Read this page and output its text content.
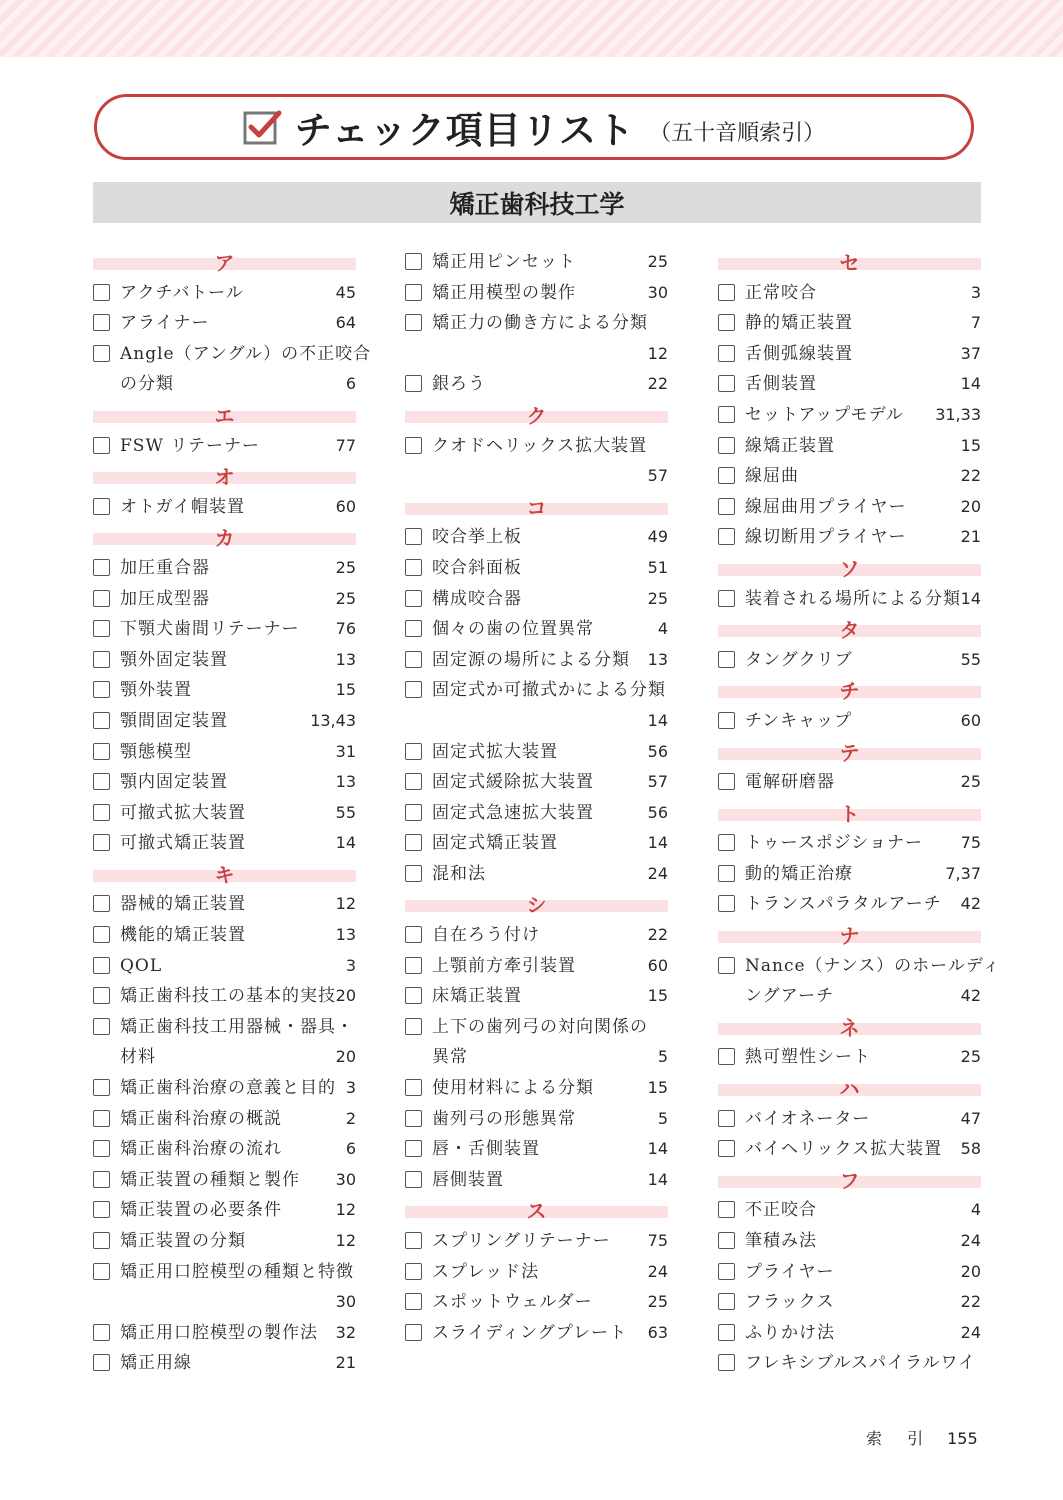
チェック項目リスト （五十音順索引）
矯正歯科技工学
ア
アクチバトール	45
アライナー	64
Angle（アングル）の不正咬合
の分類	6
エ
FSW リテーナー	77
オ
オトガイ帽装置	60
カ
加圧重合器	25
加圧成型器	25
下顎犬歯間リテーナー 76
顎外固定装置	13
顎外装置	15
顎間固定装置	13,43
顎態模型	31
顎内固定装置	13
可撤式拡大装置	55
可撤式矯正装置	14
キ
器械的矯正装置	12
機能的矯正装置	13
QOL	3
矯正歯科技工の基本的実技 20
矯正歯科技工用器械・器具・
材料	20
矯正歯科治療の意義と目的 3
矯正歯科治療の概説	2
矯正歯科治療の流れ	6
矯正装置の種類と製作 30
矯正装置の必要条件	12
矯正装置の分類	12
矯正用口腔模型の種類と特徴
30
矯正用口腔模型の製作法 32
矯正用線	21
矯正用ピンセット	25
矯正用模型の製作	30
矯正力の働き方による分類
12
銀ろう	22
ク
クオドヘリックス拡大装置
57
コ
咬合挙上板	49
咬合斜面板	51
構成咬合器	25
個々の歯の位置異常	4
固定源の場所による分類 13
固定式か可撤式かによる分類
14
固定式拡大装置	56
固定式緩除拡大装置	57
固定式急速拡大装置	56
固定式矯正装置	14
混和法	24
シ
自在ろう付け	22
上顎前方牽引装置	60
床矯正装置	15
上下の歯列弓の対向関係の
異常	5
使用材料による分類	15
歯列弓の形態異常	5
唇・舌側装置	14
唇側装置	14
ス
スプリングリテーナー 75
スプレッド法	24
スポットウェルダー	25
スライディングプレート 63
セ
正常咬合	3
静的矯正装置	7
舌側弧線装置	37
舌側装置	14
セットアップモデル 31,33
線矯正装置	15
線屈曲	22
線屈曲用プライヤー	20
線切断用プライヤー	21
ソ
装着される場所による分類 14
タ
タングクリブ	55
チ
チンキャップ	60
テ
電解研磨器	25
ト
トゥースポジショナー 75
動的矯正治療	7,37
トランスパラタルアーチ 42
ナ
Nance（ナンス）のホールディ
ングアーチ	42
ネ
熱可塑性シート	25
ハ
バイオネーター	47
バイヘリックス拡大装置 58
フ
不正咬合	4
筆積み法	24
プライヤー	20
フラックス	22
ふりかけ法	24
フレキシブルスパイラルワイ
索 引 155
